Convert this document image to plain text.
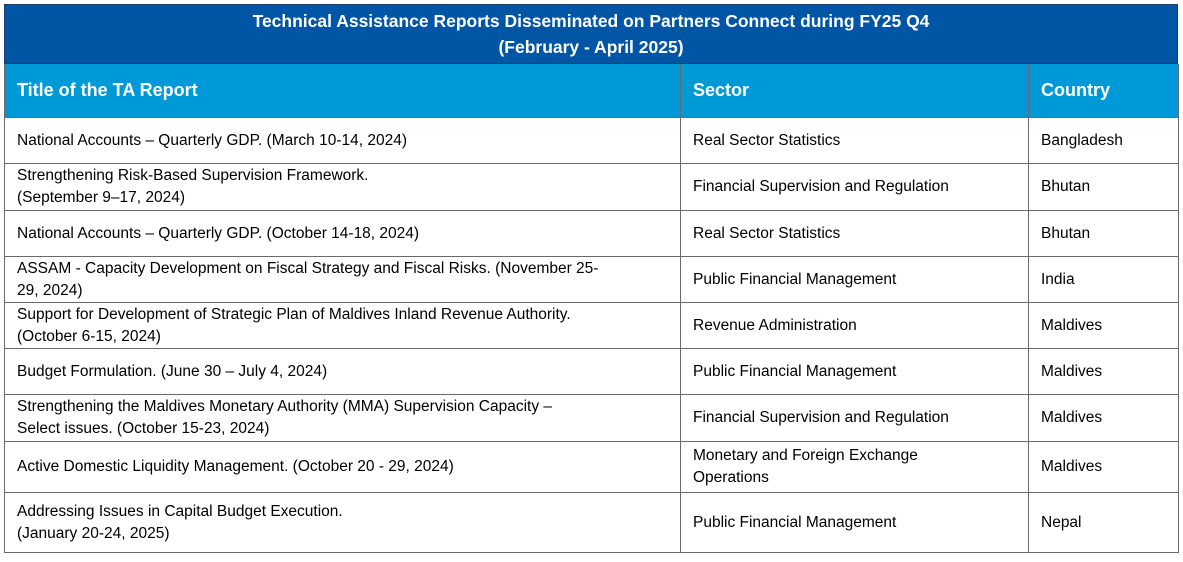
Technical Assistance Reports Disseminated on Partners Connect during FY25 Q4
(February - April 2025)
Title of the TA Report	Sector	Country

National Accounts – Quarterly GDP. (March 10-14, 2024)	Real Sector Statistics	Bangladesh

Strengthening Risk-Based Supervision Framework.
(September 9–17, 2024)	Financial Supervision and Regulation	Bhutan

National Accounts – Quarterly GDP. (October 14-18, 2024)	Real Sector Statistics	Bhutan

ASSAM - Capacity Development on Fiscal Strategy and Fiscal Risks. (November 25-
29, 2024)	Public Financial Management	India

Support for Development of Strategic Plan of Maldives Inland Revenue Authority.
(October 6-15, 2024)	Revenue Administration	Maldives

Budget Formulation. (June 30 – July 4, 2024)	Public Financial Management	Maldives

Strengthening the Maldives Monetary Authority (MMA) Supervision Capacity –
Select issues. (October 15-23, 2024)	Financial Supervision and Regulation	Maldives

Active Domestic Liquidity Management. (October 20 - 29, 2024)	Monetary and Foreign Exchange
Operations	Maldives

Addressing Issues in Capital Budget Execution.
(January 20-24, 2025)	Public Financial Management	Nepal
